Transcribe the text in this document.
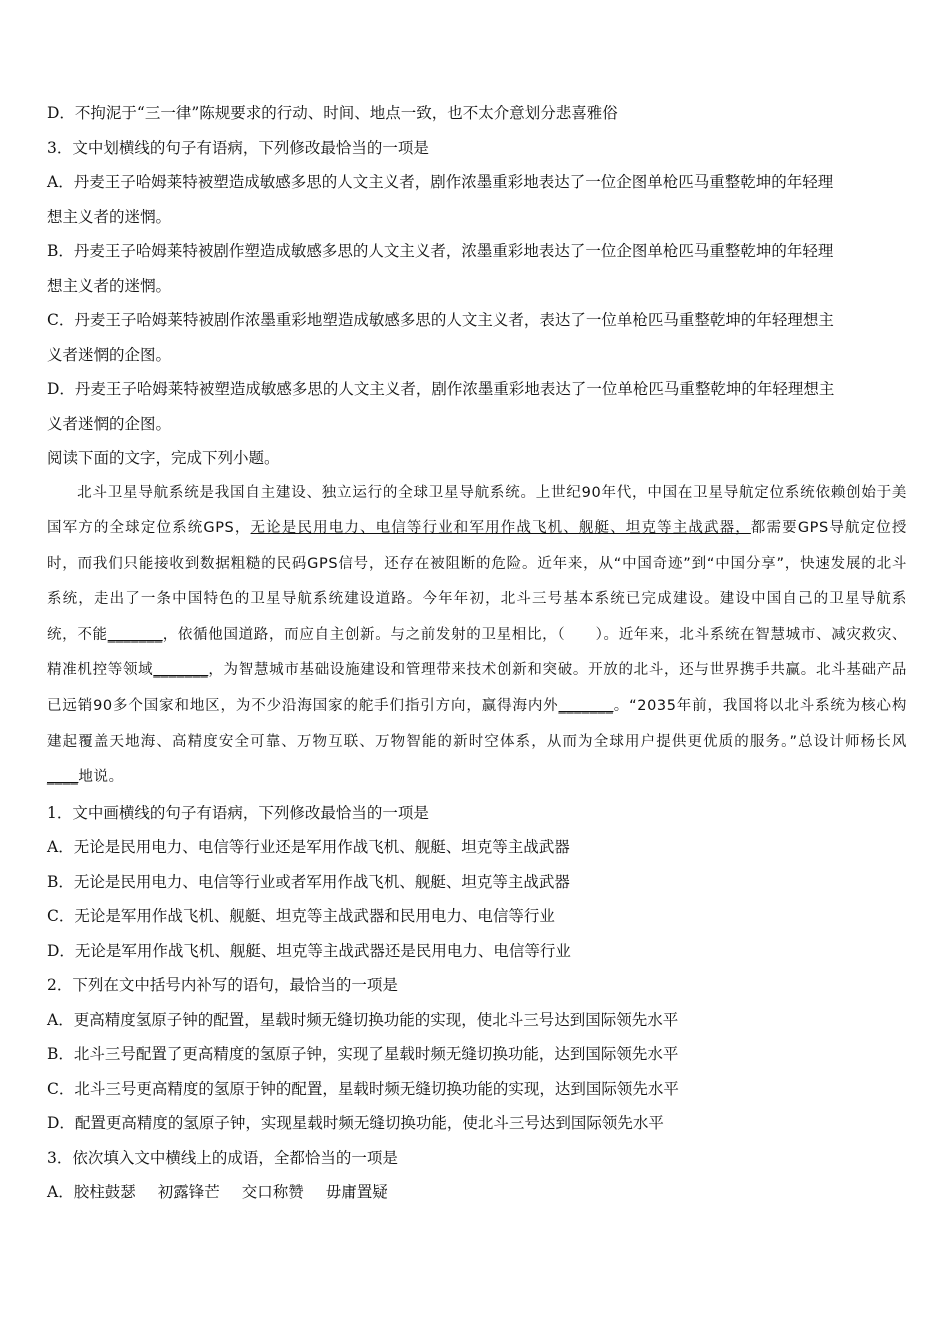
D．不拘泥于“三一律”陈规要求的行动、时间、地点一致，也不太介意划分悲喜雅俗
3．文中划横线的句子有语病，下列修改最恰当的一项是
A．丹麦王子哈姆莱特被塑造成敏感多思的人文主义者，剧作浓墨重彩地表达了一位企图单枪匹马重整乾坤的年轻理
想主义者的迷惘。
B．丹麦王子哈姆莱特被剧作塑造成敏感多思的人文主义者，浓墨重彩地表达了一位企图单枪匹马重整乾坤的年轻理
想主义者的迷惘。
C．丹麦王子哈姆莱特被剧作浓墨重彩地塑造成敏感多思的人文主义者，表达了一位单枪匹马重整乾坤的年轻理想主
义者迷惘的企图。
D．丹麦王子哈姆莱特被塑造成敏感多思的人文主义者，剧作浓墨重彩地表达了一位单枪匹马重整乾坤的年轻理想主
义者迷惘的企图。
阅读下面的文字，完成下列小题。

北斗卫星导航系统是我国自主建设、独立运行的全球卫星导航系统。上世纪90年代，中国在卫星导航定位系统依赖创始于美国军方的全球定位系统GPS，无论是民用电力、电信等行业和军用作战飞机、舰艇、坦克等主战武器，都需要GPS导航定位授时，而我们只能接收到数据粗糙的民码GPS信号，还存在被阻断的危险。近年来，从“中国奇迹”到“中国分享”，快速发展的北斗系统，走出了一条中国特色的卫星导航系统建设道路。今年年初，北斗三号基本系统已完成建设。建设中国自己的卫星导航系统，不能_______，依循他国道路，而应自主创新。与之前发射的卫星相比，（　　）。近年来，北斗系统在智慧城市、减灾救灾、精准机控等领域_______，为智慧城市基础设施建设和管理带来技术创新和突破。开放的北斗，还与世界携手共赢。北斗基础产品已远销90多个国家和地区，为不少沿海国家的舵手们指引方向，赢得海内外_______。“2035年前，我国将以北斗系统为核心构建起覆盖天地海、高精度安全可靠、万物互联、万物智能的新时空体系，从而为全球用户提供更优质的服务。”总设计师杨长风____地说。

1．文中画横线的句子有语病，下列修改最恰当的一项是
A．无论是民用电力、电信等行业还是军用作战飞机、舰艇、坦克等主战武器
B．无论是民用电力、电信等行业或者军用作战飞机、舰艇、坦克等主战武器
C．无论是军用作战飞机、舰艇、坦克等主战武器和民用电力、电信等行业
D．无论是军用作战飞机、舰艇、坦克等主战武器还是民用电力、电信等行业
2．下列在文中括号内补写的语句，最恰当的一项是
A．更高精度氢原子钟的配置，星载时频无缝切换功能的实现，使北斗三号达到国际领先水平
B．北斗三号配置了更高精度的氢原子钟，实现了星载时频无缝切换功能，达到国际领先水平
C．北斗三号更高精度的氢原于钟的配置，星载时频无缝切换功能的实现，达到国际领先水平
D．配置更高精度的氢原子钟，实现星载时频无缝切换功能，使北斗三号达到国际领先水平
3．依次填入文中横线上的成语，全都恰当的一项是
A．胶柱鼓瑟 初露锋芒 交口称赞 毋庸置疑
